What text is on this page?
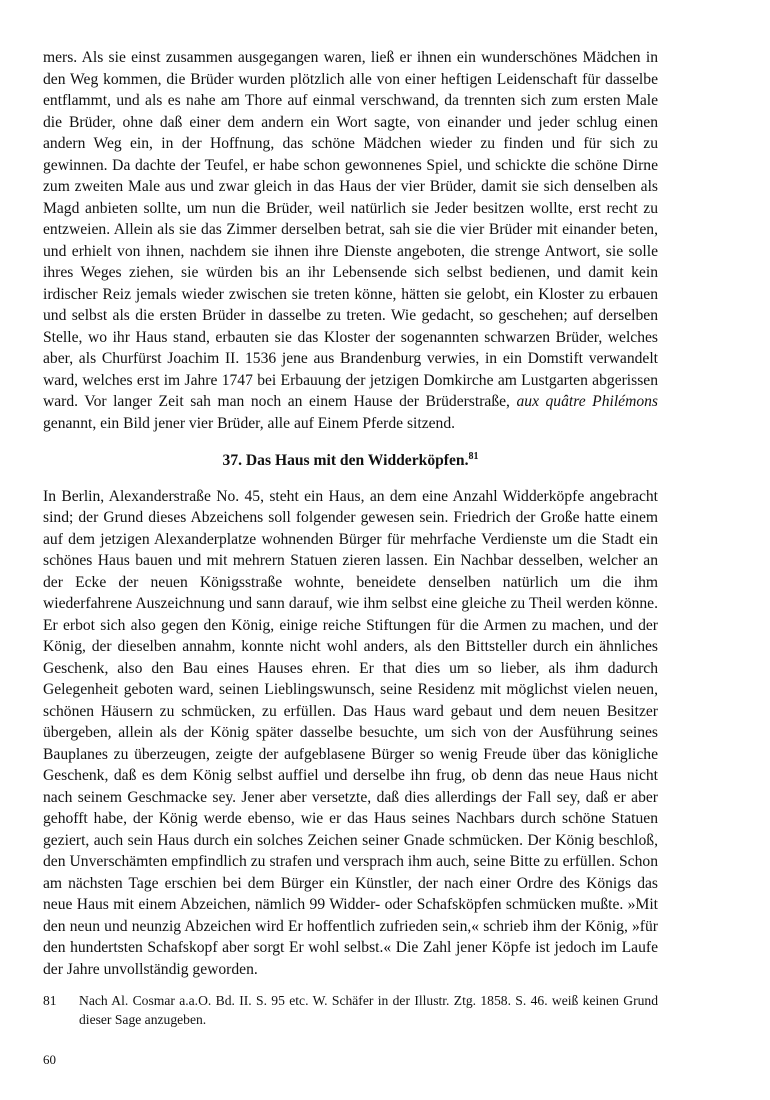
mers. Als sie einst zusammen ausgegangen waren, ließ er ihnen ein wunderschönes Mädchen in den Weg kommen, die Brüder wurden plötzlich alle von einer heftigen Leidenschaft für dasselbe entflammt, und als es nahe am Thore auf einmal verschwand, da trennten sich zum ersten Male die Brüder, ohne daß einer dem andern ein Wort sagte, von einander und jeder schlug einen andern Weg ein, in der Hoffnung, das schöne Mädchen wieder zu finden und für sich zu gewinnen. Da dachte der Teufel, er habe schon gewonnenes Spiel, und schickte die schöne Dirne zum zweiten Male aus und zwar gleich in das Haus der vier Brüder, damit sie sich denselben als Magd anbieten sollte, um nun die Brüder, weil natürlich sie Jeder besitzen wollte, erst recht zu entzweien. Allein als sie das Zimmer derselben betrat, sah sie die vier Brüder mit einander beten, und erhielt von ihnen, nachdem sie ihnen ihre Dienste angeboten, die strenge Antwort, sie solle ihres Weges ziehen, sie würden bis an ihr Lebensende sich selbst bedienen, und damit kein irdischer Reiz jemals wieder zwischen sie treten könne, hätten sie gelobt, ein Kloster zu erbauen und selbst als die ersten Brüder in dasselbe zu treten. Wie gedacht, so geschehen; auf derselben Stelle, wo ihr Haus stand, erbauten sie das Kloster der sogenannten schwarzen Brüder, welches aber, als Churfürst Joachim II. 1536 jene aus Brandenburg verwies, in ein Domstift verwandelt ward, welches erst im Jahre 1747 bei Erbauung der jetzigen Domkirche am Lustgarten abgerissen ward. Vor langer Zeit sah man noch an einem Hause der Brüderstraße, aux quâtre Philémons genannt, ein Bild jener vier Brüder, alle auf Einem Pferde sitzend.

37. Das Haus mit den Widderköpfen.$^{81}$

In Berlin, Alexanderstraße No. 45, steht ein Haus, an dem eine Anzahl Widderköpfe angebracht sind; der Grund dieses Abzeichens soll folgender gewesen sein. Friedrich der Große hatte einem auf dem jetzigen Alexanderplatze wohnenden Bürger für mehrfache Verdienste um die Stadt ein schönes Haus bauen und mit mehrern Statuen zieren lassen. Ein Nachbar desselben, welcher an der Ecke der neuen Königsstraße wohnte, beneidete denselben natürlich um die ihm wiederfahrene Auszeichnung und sann darauf, wie ihm selbst eine gleiche zu Theil werden könne. Er erbot sich also gegen den König, einige reiche Stiftungen für die Armen zu machen, und der König, der dieselben annahm, konnte nicht wohl anders, als den Bittsteller durch ein ähnliches Geschenk, also den Bau eines Hauses ehren. Er that dies um so lieber, als ihm dadurch Gelegenheit geboten ward, seinen Lieblingswunsch, seine Residenz mit möglichst vielen neuen, schönen Häusern zu schmücken, zu erfüllen. Das Haus ward gebaut und dem neuen Besitzer übergeben, allein als der König später dasselbe besuchte, um sich von der Ausführung seines Bauplanes zu überzeugen, zeigte der aufgeblasene Bürger so wenig Freude über das königliche Geschenk, daß es dem König selbst auffiel und derselbe ihn frug, ob denn das neue Haus nicht nach seinem Geschmacke sey. Jener aber versetzte, daß dies allerdings der Fall sey, daß er aber gehofft habe, der König werde ebenso, wie er das Haus seines Nachbars durch schöne Statuen geziert, auch sein Haus durch ein solches Zeichen seiner Gnade schmücken. Der König beschloß, den Unverschämten empfindlich zu strafen und versprach ihm auch, seine Bitte zu erfüllen. Schon am nächsten Tage erschien bei dem Bürger ein Künstler, der nach einer Ordre des Königs das neue Haus mit einem Abzeichen, nämlich 99 Widder- oder Schafsköpfen schmücken mußte. »Mit den neun und neunzig Abzeichen wird Er hoffentlich zufrieden sein,« schrieb ihm der König, »für den hundertsten Schafskopf aber sorgt Er wohl selbst.« Die Zahl jener Köpfe ist jedoch im Laufe der Jahre unvollständig geworden.

81	Nach Al. Cosmar a.a.O. Bd. II. S. 95 etc. W. Schäfer in der Illustr. Ztg. 1858. S. 46. weiß keinen Grund dieser Sage anzugeben.
60
